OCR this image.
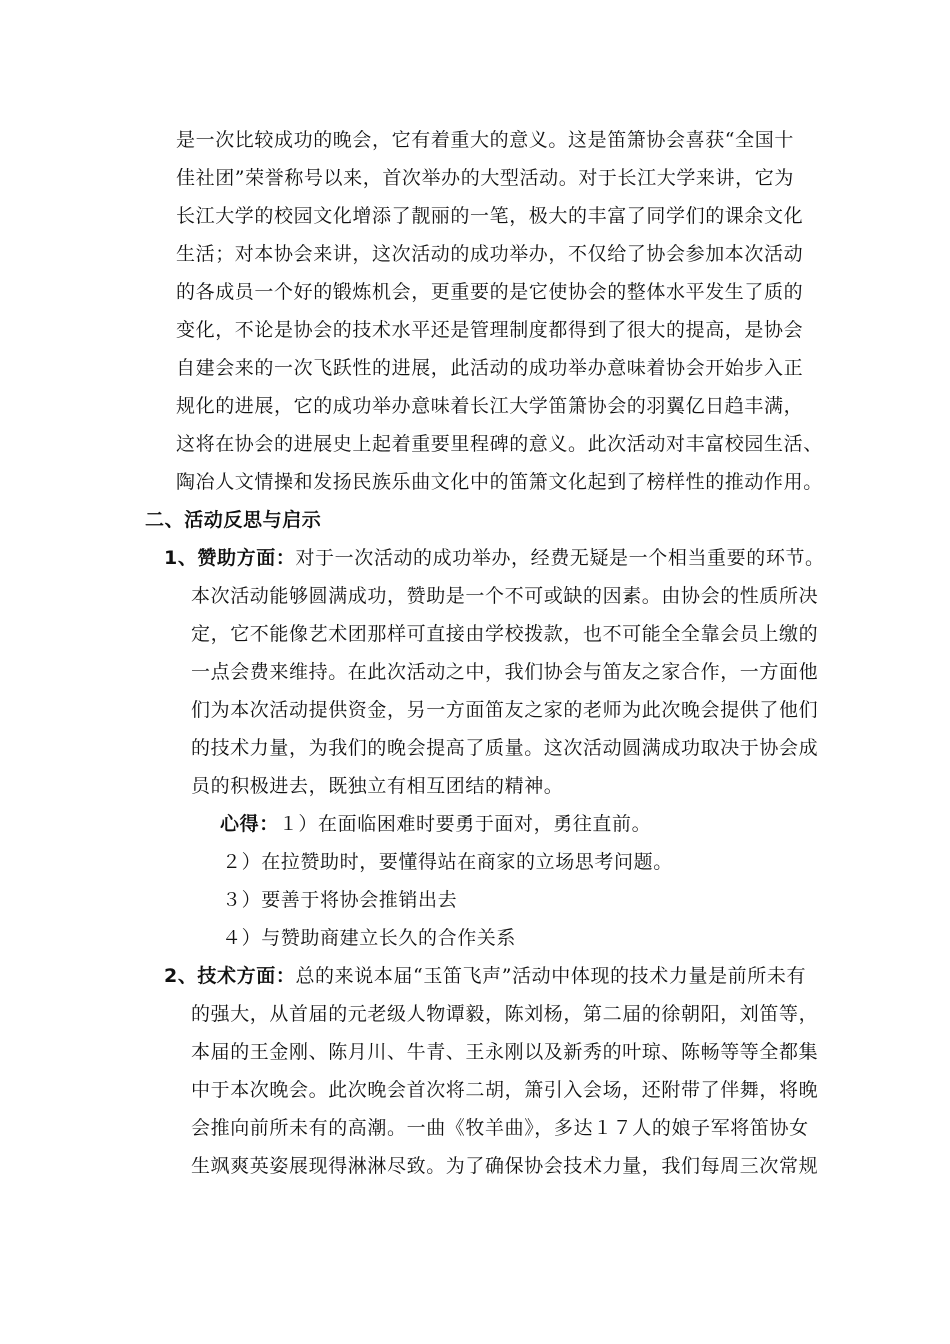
是一次比较成功的晚会，它有着重大的意义。这是笛箫协会喜获“全国十
佳社团”荣誉称号以来，首次举办的大型活动。对于长江大学来讲，它为
长江大学的校园文化增添了靓丽的一笔，极大的丰富了同学们的课余文化
生活；对本协会来讲，这次活动的成功举办，不仅给了协会参加本次活动
的各成员一个好的锻炼机会，更重要的是它使协会的整体水平发生了质的
变化，不论是协会的技术水平还是管理制度都得到了很大的提高，是协会
自建会来的一次飞跃性的进展，此活动的成功举办意味着协会开始步入正
规化的进展，它的成功举办意味着长江大学笛箫协会的羽翼亿日趋丰满，
这将在协会的进展史上起着重要里程碑的意义。此次活动对丰富校园生活、
陶冶人文情操和发扬民族乐曲文化中的笛箫文化起到了榜样性的推动作用。
二、活动反思与启示
1、赞助方面：对于一次活动的成功举办，经费无疑是一个相当重要的环节。
本次活动能够圆满成功，赞助是一个不可或缺的因素。由协会的性质所决
定，它不能像艺术团那样可直接由学校拨款，也不可能全全靠会员上缴的
一点会费来维持。在此次活动之中，我们协会与笛友之家合作，一方面他
们为本次活动提供资金，另一方面笛友之家的老师为此次晚会提供了他们
的技术力量，为我们的晚会提高了质量。这次活动圆满成功取决于协会成
员的积极进去，既独立有相互团结的精神。
心得：１）在面临困难时要勇于面对，勇往直前。
２）在拉赞助时，要懂得站在商家的立场思考问题。
３）要善于将协会推销出去
４）与赞助商建立长久的合作关系
2、技术方面：总的来说本届“玉笛飞声”活动中体现的技术力量是前所未有
的强大，从首届的元老级人物谭毅，陈刘杨，第二届的徐朝阳，刘笛等，
本届的王金刚、陈月川、牛青、王永刚以及新秀的叶琼、陈畅等等全都集
中于本次晚会。此次晚会首次将二胡，箫引入会场，还附带了伴舞，将晚
会推向前所未有的高潮。一曲《牧羊曲》，多达１７人的娘子军将笛协女
生飒爽英姿展现得淋淋尽致。为了确保协会技术力量，我们每周三次常规
